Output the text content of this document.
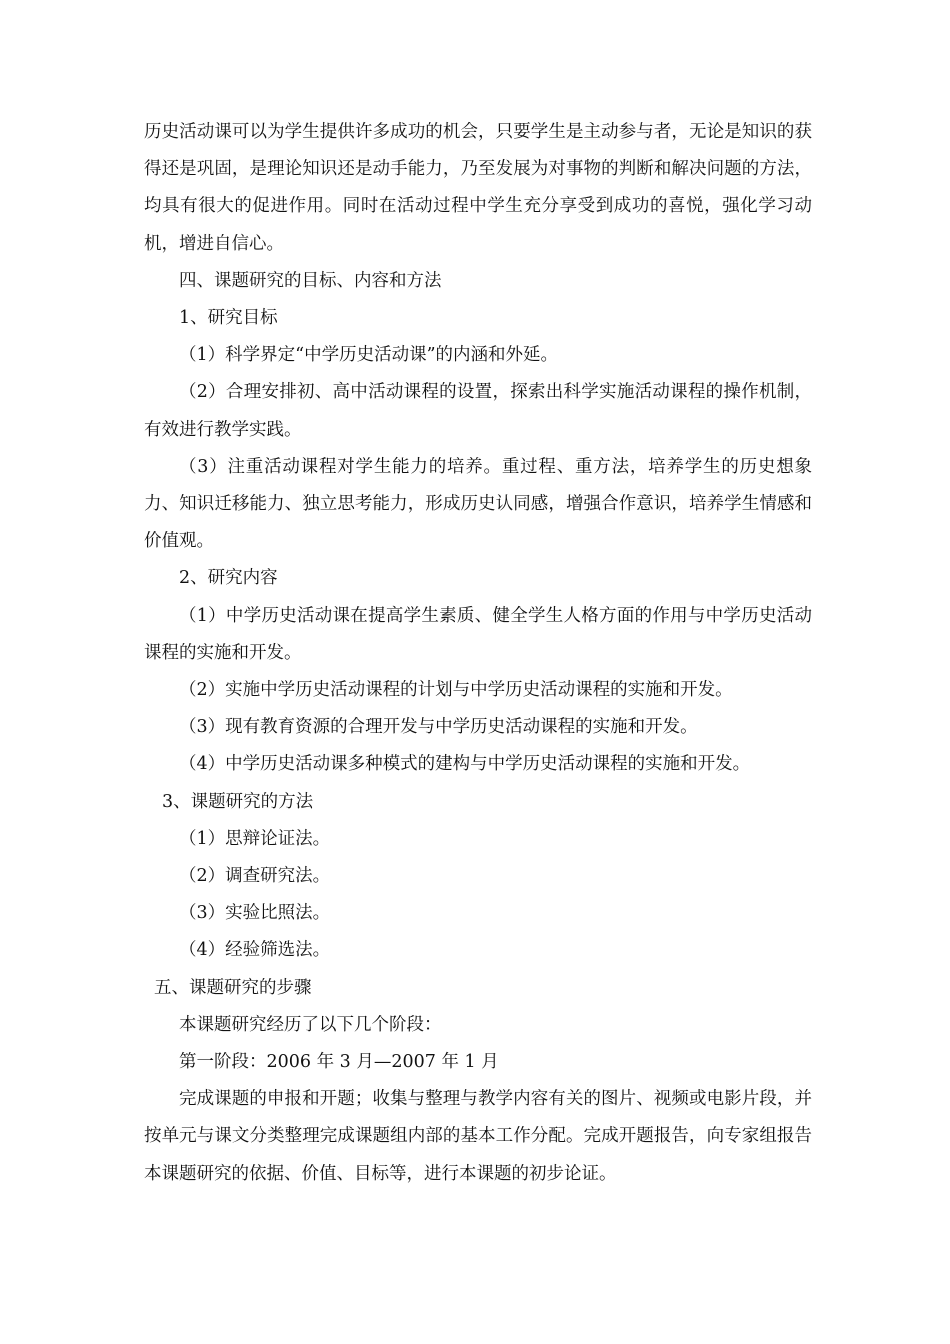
历史活动课可以为学生提供许多成功的机会，只要学生是主动参与者，无论是知识的获得还是巩固，是理论知识还是动手能力，乃至发展为对事物的判断和解决问题的方法，均具有很大的促进作用。同时在活动过程中学生充分享受到成功的喜悦，强化学习动机，增进自信心。

四、课题研究的目标、内容和方法

1、研究目标

（1）科学界定“中学历史活动课”的内涵和外延。

（2）合理安排初、高中活动课程的设置，探索出科学实施活动课程的操作机制，有效进行教学实践。

（3）注重活动课程对学生能力的培养。重过程、重方法，培养学生的历史想象力、知识迁移能力、独立思考能力，形成历史认同感，增强合作意识，培养学生情感和价值观。

2、研究内容

（1）中学历史活动课在提高学生素质、健全学生人格方面的作用与中学历史活动课程的实施和开发。

（2）实施中学历史活动课程的计划与中学历史活动课程的实施和开发。

（3）现有教育资源的合理开发与中学历史活动课程的实施和开发。

（4）中学历史活动课多种模式的建构与中学历史活动课程的实施和开发。

3、课题研究的方法

（1）思辩论证法。

（2）调查研究法。

（3）实验比照法。

（4）经验筛选法。

五、课题研究的步骤

本课题研究经历了以下几个阶段：

第一阶段：2006 年 3 月—2007 年 1 月

完成课题的申报和开题；收集与整理与教学内容有关的图片、视频或电影片段，并按单元与课文分类整理完成课题组内部的基本工作分配。完成开题报告，向专家组报告本课题研究的依据、价值、目标等，进行本课题的初步论证。
